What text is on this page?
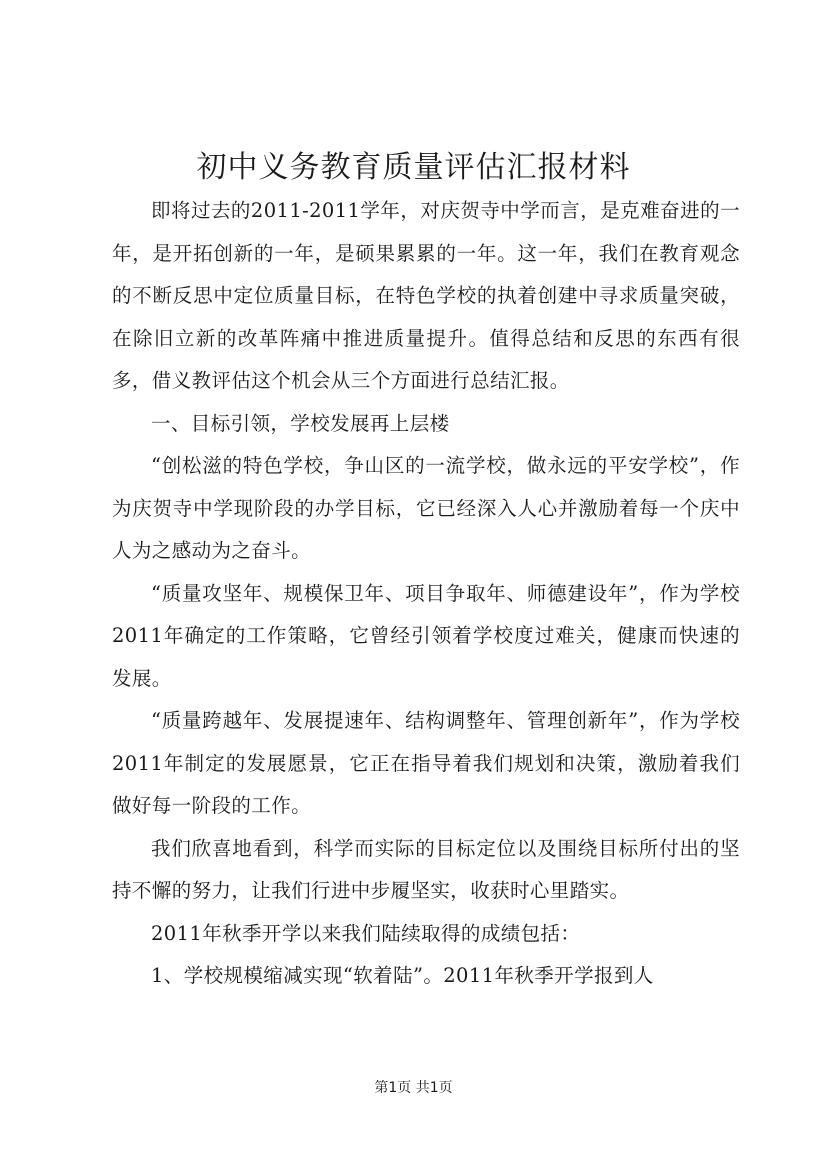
初中义务教育质量评估汇报材料

即将过去的2011-2011学年，对庆贺寺中学而言，是克难奋进的一年，是开拓创新的一年，是硕果累累的一年。这一年，我们在教育观念的不断反思中定位质量目标，在特色学校的执着创建中寻求质量突破，在除旧立新的改革阵痛中推进质量提升。值得总结和反思的东西有很多，借义教评估这个机会从三个方面进行总结汇报。

一、目标引领，学校发展再上层楼

“创松滋的特色学校，争山区的一流学校，做永远的平安学校”，作为庆贺寺中学现阶段的办学目标，它已经深入人心并激励着每一个庆中人为之感动为之奋斗。

“质量攻坚年、规模保卫年、项目争取年、师德建设年”，作为学校2011年确定的工作策略，它曾经引领着学校度过难关，健康而快速的发展。

“质量跨越年、发展提速年、结构调整年、管理创新年”，作为学校2011年制定的发展愿景，它正在指导着我们规划和决策，激励着我们做好每一阶段的工作。

我们欣喜地看到，科学而实际的目标定位以及围绕目标所付出的坚持不懈的努力，让我们行进中步履坚实，收获时心里踏实。

2011年秋季开学以来我们陆续取得的成绩包括：

1、学校规模缩减实现“软着陆”。2011年秋季开学报到人

第1页 共1页
